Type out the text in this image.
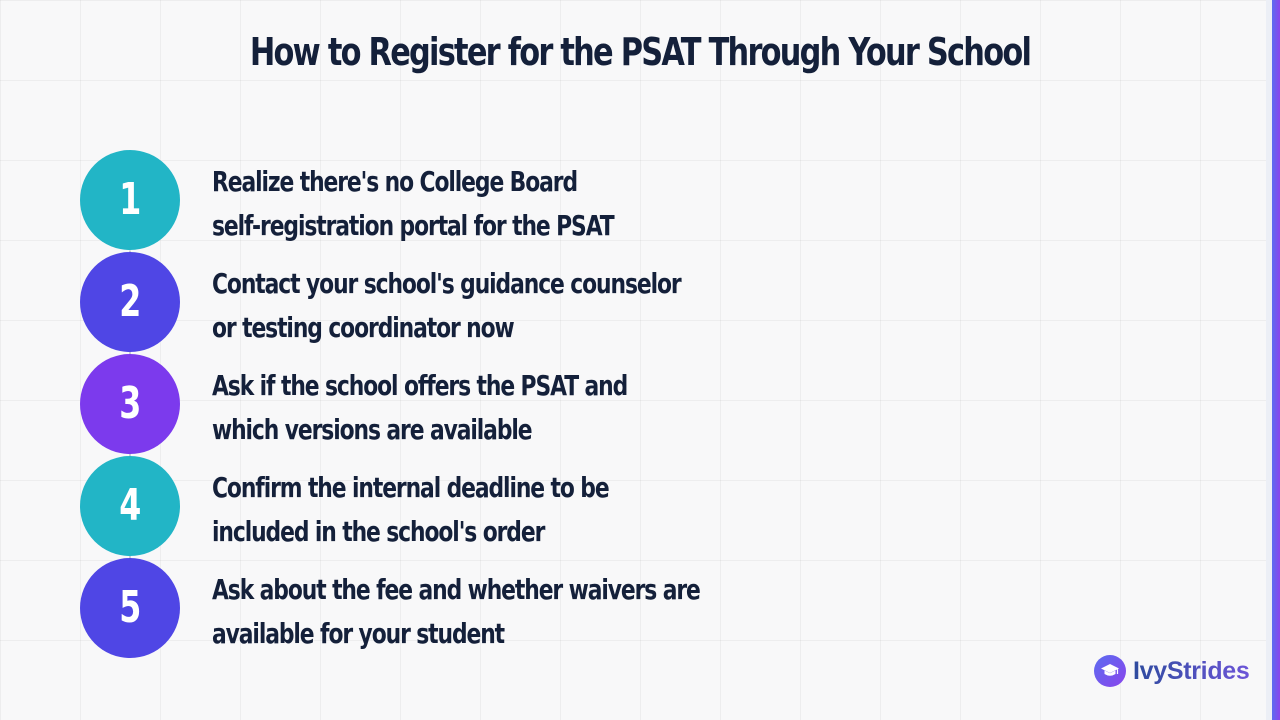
How to Register for the PSAT Through Your School
1	Realize there's no College Board
self-registration portal for the PSAT
2	Contact your school's guidance counselor
or testing coordinator now
3	Ask if the school offers the PSAT and
which versions are available
4	Confirm the internal deadline to be
included in the school's order
5	Ask about the fee and whether waivers are
available for your student
IvyStrides
